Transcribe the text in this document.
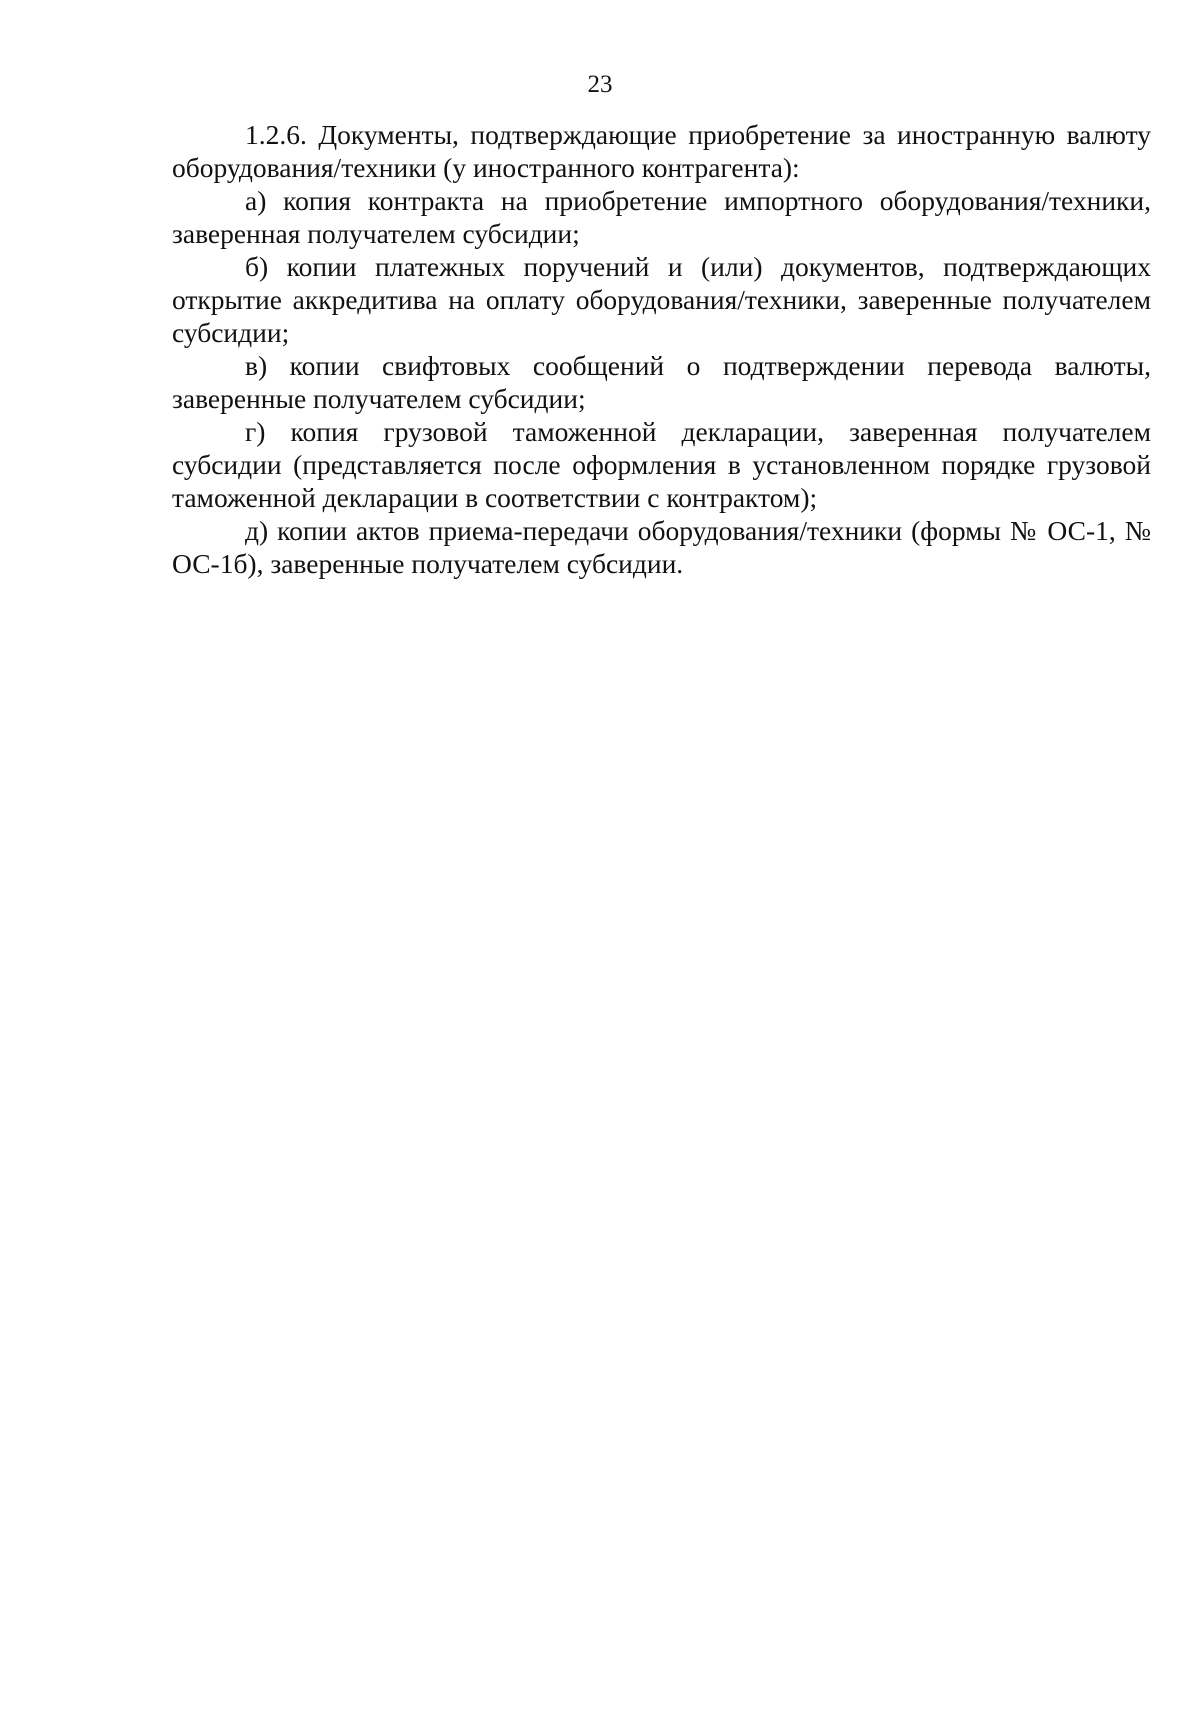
23

1.2.6. Документы, подтверждающие приобретение за иностранную валюту оборудования/техники (у иностранного контрагента):

а) копия контракта на приобретение импортного оборудования/техники, заверенная получателем субсидии;

б) копии платежных поручений и (или) документов, подтверждающих открытие аккредитива на оплату оборудования/техники, заверенные получателем субсидии;

в) копии свифтовых сообщений о подтверждении перевода валюты, заверенные получателем субсидии;

г) копия грузовой таможенной декларации, заверенная получателем субсидии (представляется после оформления в установленном порядке грузовой таможенной декларации в соответствии с контрактом);

д) копии актов приема-передачи оборудования/техники (формы № ОС-1, № ОС-1б), заверенные получателем субсидии.
